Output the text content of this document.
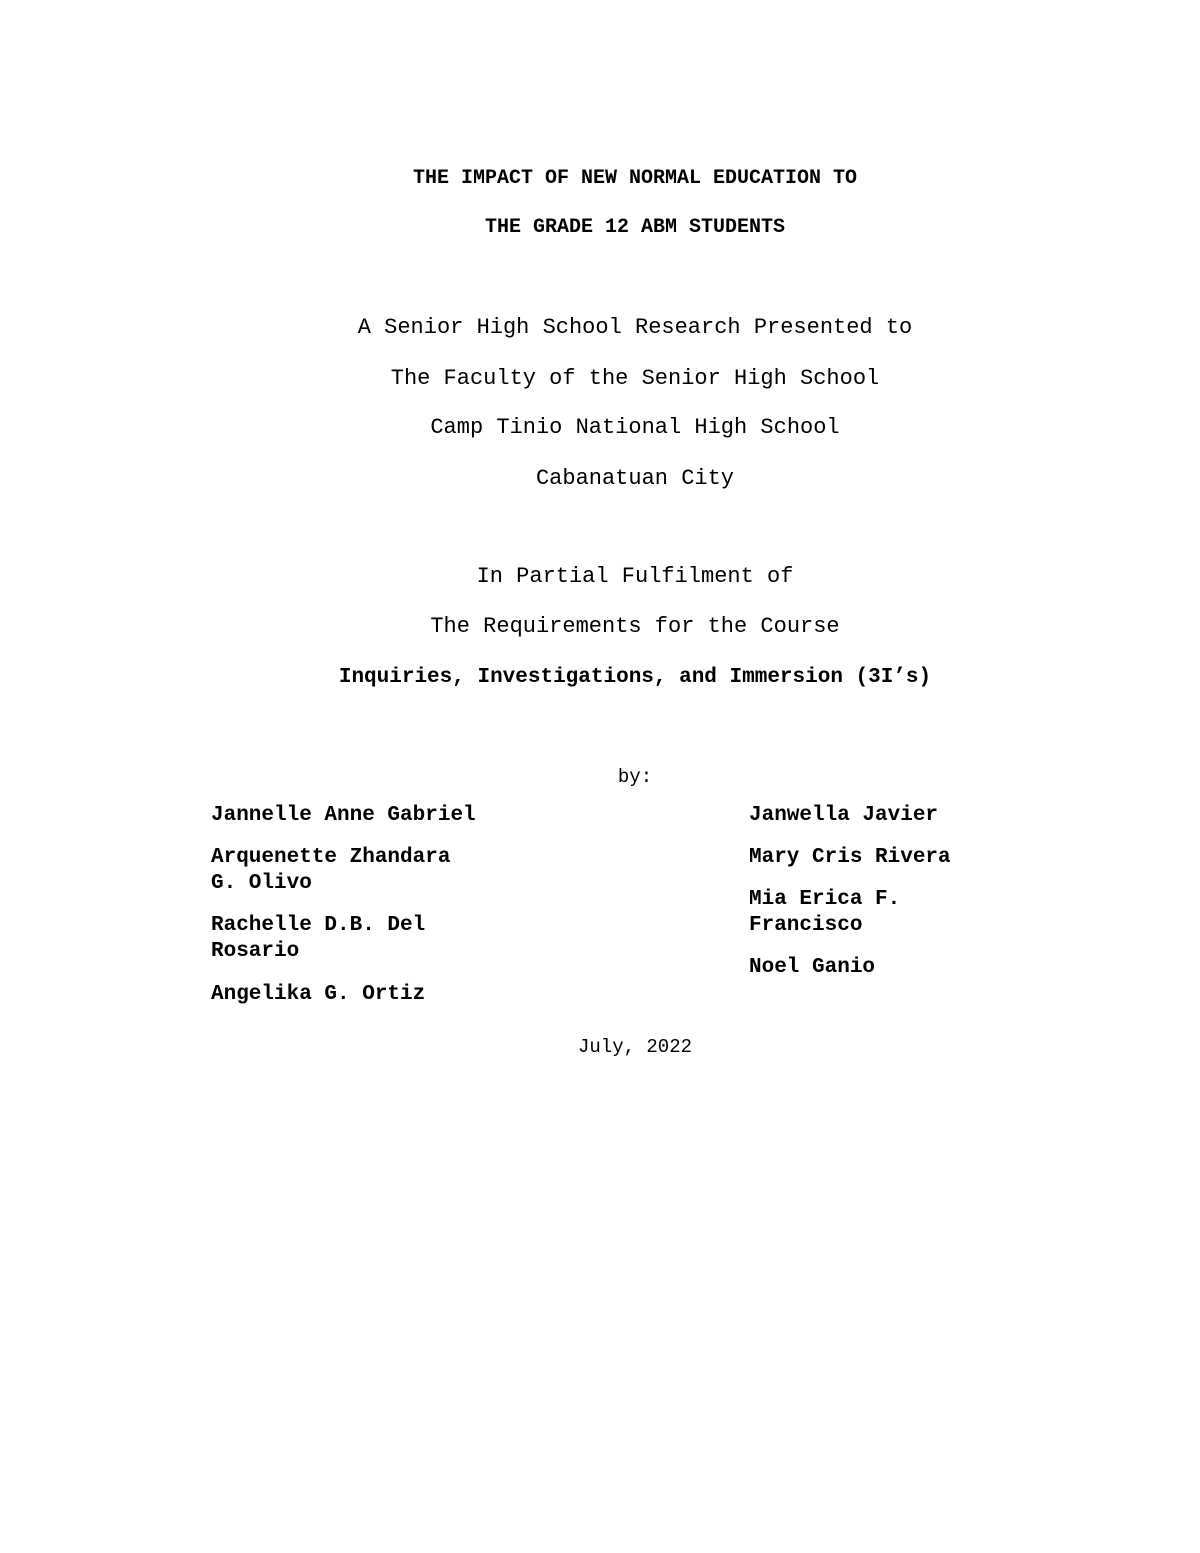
THE IMPACT OF NEW NORMAL EDUCATION TO
THE GRADE 12 ABM STUDENTS
A Senior High School Research Presented to
The Faculty of the Senior High School
Camp Tinio National High School
Cabanatuan City
In Partial Fulfilment of
The Requirements for the Course
Inquiries, Investigations, and Immersion (3I’s)
by:
Jannelle Anne Gabriel
Arquenette Zhandara
G. Olivo
Rachelle D.B. Del
Rosario
Angelika G. Ortiz
Janwella Javier
Mary Cris Rivera
Mia Erica F.
Francisco
Noel Ganio
July, 2022
